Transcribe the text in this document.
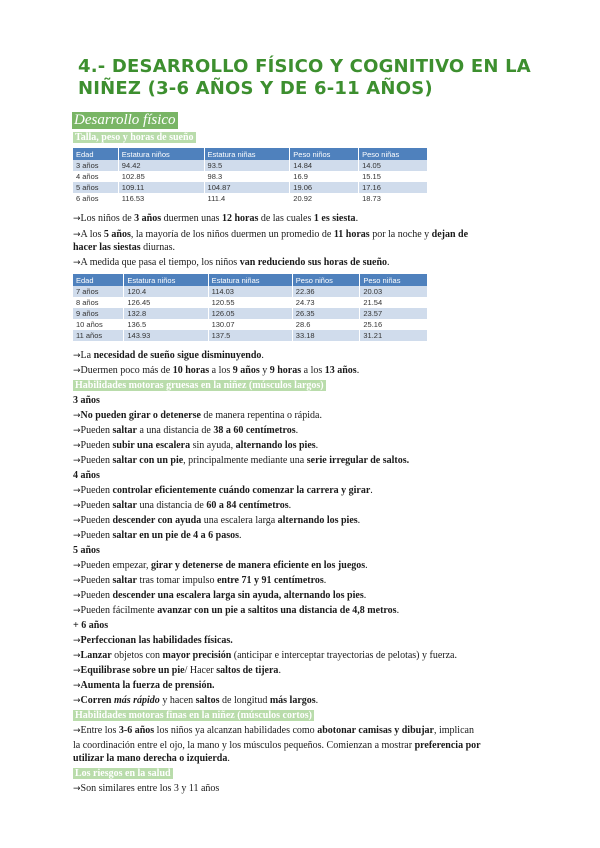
4.- DESARROLLO FÍSICO Y COGNITIVO EN LA NIÑEZ (3-6 AÑOS Y DE 6-11 AÑOS)
Desarrollo físico
Talla, peso y horas de sueño
Edad	Estatura niños	Estatura niñas	Peso niños	Peso niñas
3 años	94.42	93.5	14.84	14.05
4 años	102.85	98.3	16.9	15.15
5 años	109.11	104.87	19.06	17.16
6 años	116.53	111.4	20.92	18.73
→Los niños de 3 años duermen unas 12 horas de las cuales 1 es siesta.
→A los 5 años, la mayoría de los niños duermen un promedio de 11 horas por la noche y dejan de
hacer las siestas diurnas.
→A medida que pasa el tiempo, los niños van reduciendo sus horas de sueño.
Edad	Estatura niños	Estatura niñas	Peso niños	Peso niñas
7 años	120.4	114.03	22.36	20.03
8 años	126.45	120.55	24.73	21.54
9 años	132.8	126.05	26.35	23.57
10 años	136.5	130.07	28.6	25.16
11 años	143.93	137.5	33.18	31.21
→La necesidad de sueño sigue disminuyendo.
→Duermen poco más de 10 horas a los 9 años y 9 horas a los 13 años.
Habilidades motoras gruesas en la niñez (músculos largos)
3 años
→No pueden girar o detenerse de manera repentina o rápida.
→Pueden saltar a una distancia de 38 a 60 centímetros.
→Pueden subir una escalera sin ayuda, alternando los pies.
→Pueden saltar con un pie, principalmente mediante una serie irregular de saltos.
4 años
→Pueden controlar eficientemente cuándo comenzar la carrera y girar.
→Pueden saltar una distancia de 60 a 84 centímetros.
→Pueden descender con ayuda una escalera larga alternando los pies.
→Pueden saltar en un pie de 4 a 6 pasos.
5 años
→Pueden empezar, girar y detenerse de manera eficiente en los juegos.
→Pueden saltar tras tomar impulso entre 71 y 91 centímetros.
→Pueden descender una escalera larga sin ayuda, alternando los pies.
→Pueden fácilmente avanzar con un pie a saltitos una distancia de 4,8 metros.
+ 6 años
→Perfeccionan las habilidades físicas.
→Lanzar objetos con mayor precisión (anticipar e interceptar trayectorias de pelotas) y fuerza.
→Equilibrase sobre un pie/ Hacer saltos de tijera.
→Aumenta la fuerza de prensión.
→Corren más rápido y hacen saltos de longitud más largos.
Habilidades motoras finas en la niñez (músculos cortos)
→Entre los 3-6 años los niños ya alcanzan habilidades como abotonar camisas y dibujar, implican
la coordinación entre el ojo, la mano y los músculos pequeños. Comienzan a mostrar preferencia por
utilizar la mano derecha o izquierda.
Los riesgos en la salud
→Son similares entre los 3 y 11 años
